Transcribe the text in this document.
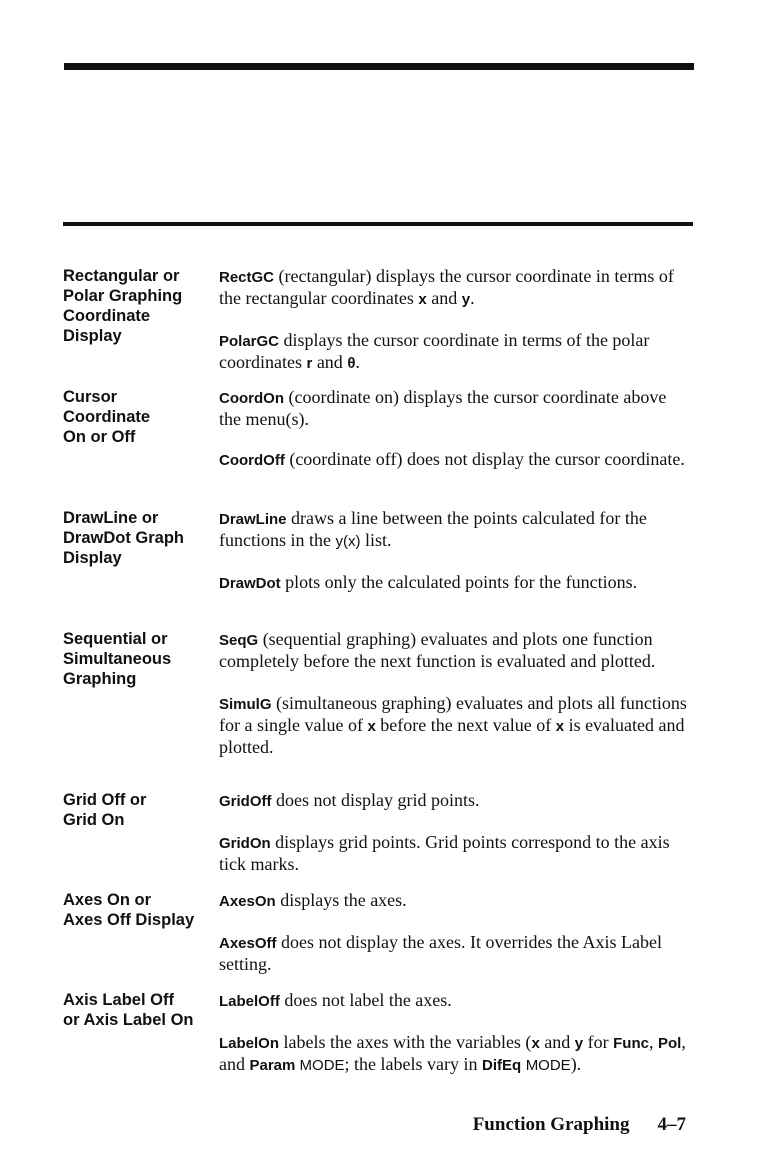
Rectangular or
Polar Graphing
Coordinate
Display

RectGC (rectangular) displays the cursor coordinate in terms of the rectangular coordinates x and y.

PolarGC displays the cursor coordinate in terms of the polar coordinates r and θ.

Cursor
Coordinate
On or Off

CoordOn (coordinate on) displays the cursor coordinate above the menu(s).

CoordOff (coordinate off) does not display the cursor coordinate.

DrawLine or
DrawDot Graph
Display

DrawLine draws a line between the points calculated for the functions in the y(x) list.

DrawDot plots only the calculated points for the functions.

Sequential or
Simultaneous
Graphing

SeqG (sequential graphing) evaluates and plots one function completely before the next function is evaluated and plotted.

SimulG (simultaneous graphing) evaluates and plots all functions for a single value of x before the next value of x is evaluated and plotted.

Grid Off or
Grid On

GridOff does not display grid points.

GridOn displays grid points. Grid points correspond to the axis tick marks.

Axes On or
Axes Off Display

AxesOn displays the axes.

AxesOff does not display the axes. It overrides the Axis Label setting.

Axis Label Off
or Axis Label On

LabelOff does not label the axes.

LabelOn labels the axes with the variables (x and y for Func, Pol, and Param MODE; the labels vary in DifEq MODE).

Function Graphing 4–7
